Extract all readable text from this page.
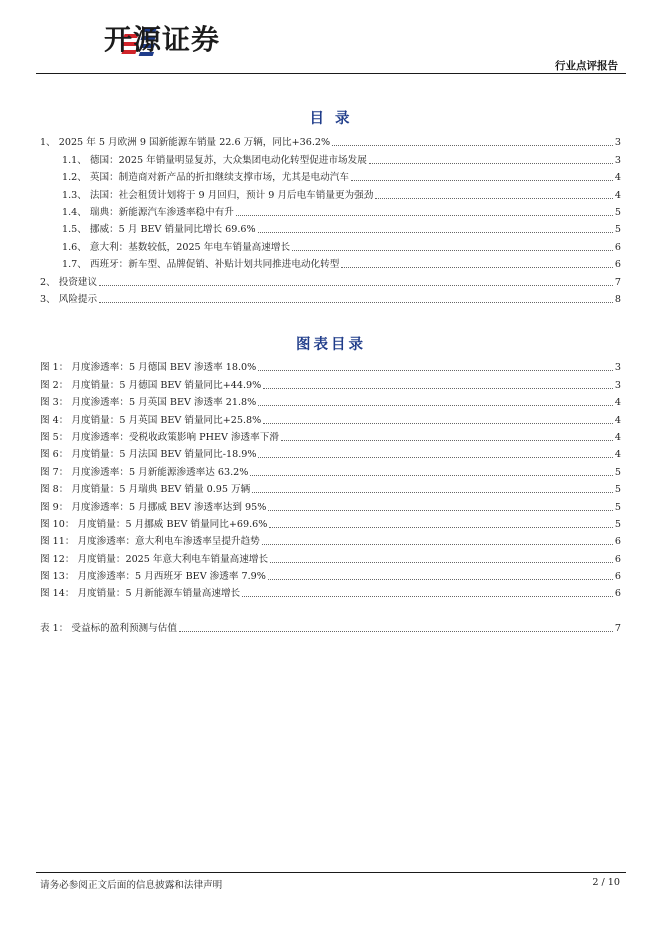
开源证券
行业点评报告
目 录
1、 2025 年 5 月欧洲 9 国新能源车销量 22.6 万辆，同比+36.2%	3
1.1、 德国：2025 年销量明显复苏，大众集团电动化转型促进市场发展	3
1.2、 英国：制造商对新产品的折扣继续支撑市场，尤其是电动汽车	4
1.3、 法国：社会租赁计划将于 9 月回归，预计 9 月后电车销量更为强劲	4
1.4、 瑞典：新能源汽车渗透率稳中有升	5
1.5、 挪威：5 月 BEV 销量同比增长 69.6%	5
1.6、 意大利：基数较低，2025 年电车销量高速增长	6
1.7、 西班牙：新车型、品牌促销、补贴计划共同推进电动化转型	6
2、 投资建议	7
3、 风险提示	8
图表目录
图 1： 月度渗透率：5 月德国 BEV 渗透率 18.0%	3
图 2： 月度销量：5 月德国 BEV 销量同比+44.9%	3
图 3： 月度渗透率：5 月英国 BEV 渗透率 21.8%	4
图 4： 月度销量：5 月英国 BEV 销量同比+25.8%	4
图 5： 月度渗透率：受税收政策影响 PHEV 渗透率下滑	4
图 6： 月度销量：5 月法国 BEV 销量同比-18.9%	4
图 7： 月度渗透率：5 月新能源渗透率达 63.2%	5
图 8： 月度销量：5 月瑞典 BEV 销量 0.95 万辆	5
图 9： 月度渗透率：5 月挪威 BEV 渗透率达到 95%	5
图 10： 月度销量：5 月挪威 BEV 销量同比+69.6%	5
图 11： 月度渗透率：意大利电车渗透率呈提升趋势	6
图 12： 月度销量：2025 年意大利电车销量高速增长	6
图 13： 月度渗透率：5 月西班牙 BEV 渗透率 7.9%	6
图 14： 月度销量：5 月新能源车销量高速增长	6
表 1： 受益标的盈利预测与估值	7
请务必参阅正文后面的信息披露和法律声明	2 / 10
